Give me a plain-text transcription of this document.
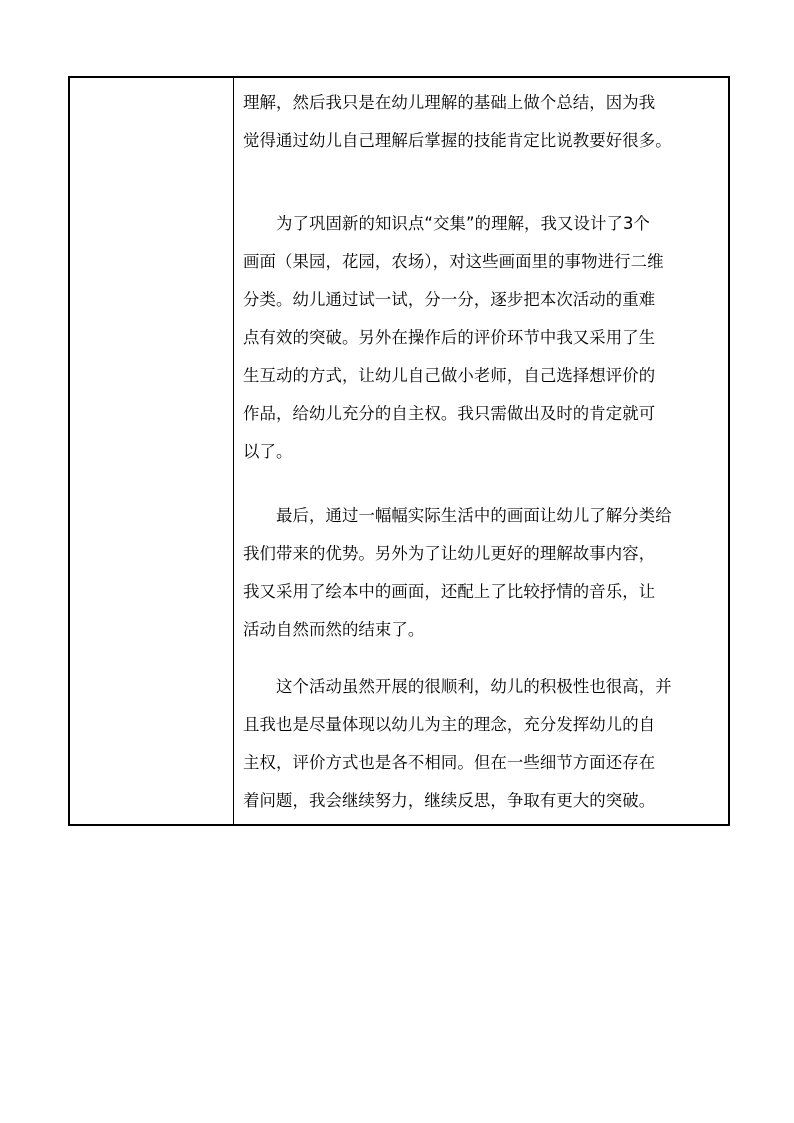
理解，然后我只是在幼儿理解的基础上做个总结，因为我
觉得通过幼儿自己理解后掌握的技能肯定比说教要好很多。
为了巩固新的知识点“交集”的理解，我又设计了3个
画面（果园，花园，农场），对这些画面里的事物进行二维
分类。幼儿通过试一试，分一分，逐步把本次活动的重难
点有效的突破。另外在操作后的评价环节中我又采用了生
生互动的方式，让幼儿自己做小老师，自己选择想评价的
作品，给幼儿充分的自主权。我只需做出及时的肯定就可
以了。
最后，通过一幅幅实际生活中的画面让幼儿了解分类给
我们带来的优势。另外为了让幼儿更好的理解故事内容，
我又采用了绘本中的画面，还配上了比较抒情的音乐，让
活动自然而然的结束了。
这个活动虽然开展的很顺利，幼儿的积极性也很高，并
且我也是尽量体现以幼儿为主的理念，充分发挥幼儿的自
主权，评价方式也是各不相同。但在一些细节方面还存在
着问题，我会继续努力，继续反思，争取有更大的突破。
